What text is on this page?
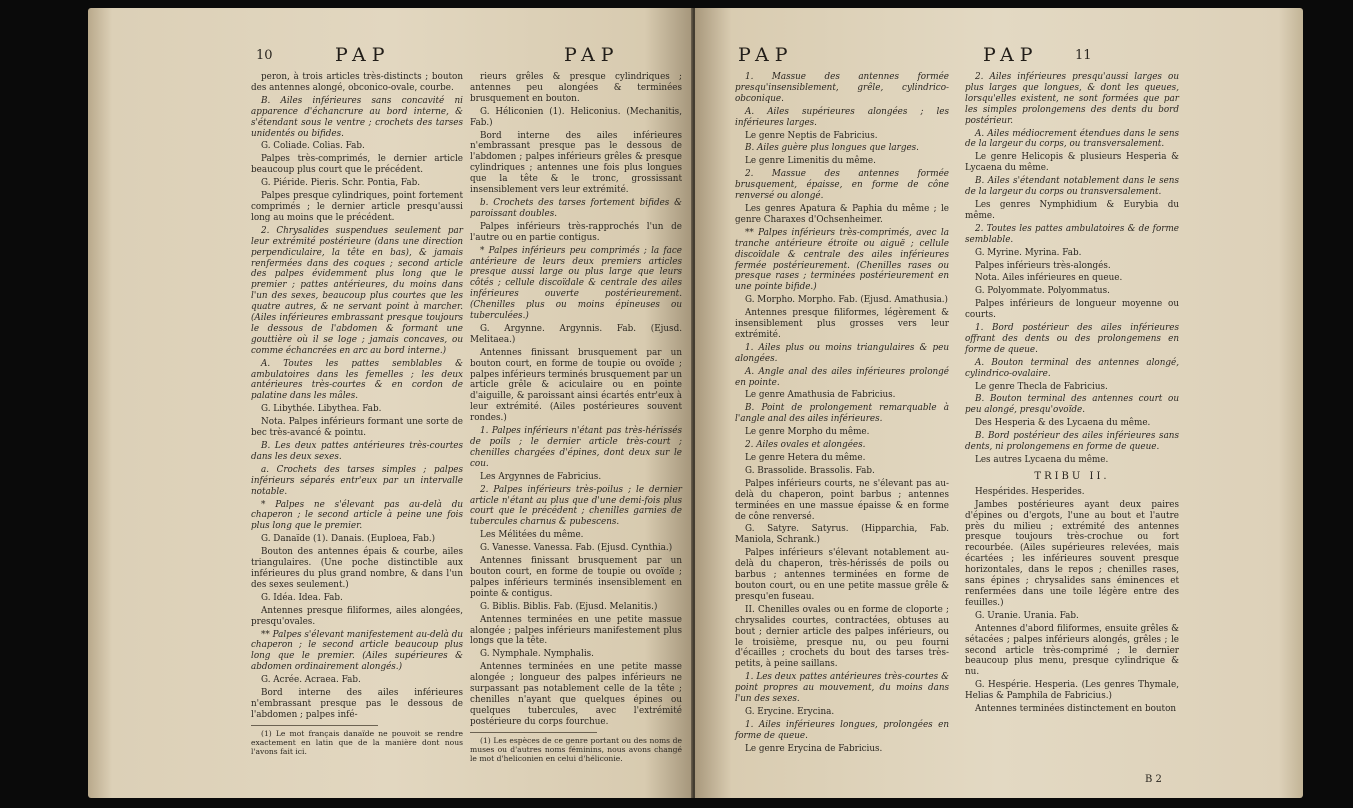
10	PAP	PAP

peron, à trois articles très-distincts ; bouton des antennes alongé, obconico-ovale, courbe.

B. Ailes inférieures sans concavité ni apparence d'échancrure au bord interne, & s'étendant sous le ventre ; crochets des tarses unidentés ou bifides.

G. Coliade. Colias. Fab.

Palpes très-comprimés, le dernier article beaucoup plus court que le précédent.

G. Piéride. Pieris. Schr. Pontia, Fab.

Palpes presque cylindriques, point fortement comprimés ; le dernier article presqu'aussi long au moins que le précédent.

2. Chrysalides suspendues seulement par leur extrémité postérieure (dans une direction perpendiculaire, la tête en bas), & jamais renfermées dans des coques ; second article des palpes évidemment plus long que le premier ; pattes antérieures, du moins dans l'un des sexes, beaucoup plus courtes que les quatre autres, & ne servant point à marcher. (Ailes inférieures embrassant presque toujours le dessous de l'abdomen & formant une gouttière où il se loge ; jamais concaves, ou comme échancrées en arc au bord interne.)

A. Toutes les pattes semblables & ambulatoires dans les femelles ; les deux antérieures très-courtes & en cordon de palatine dans les mâles.

G. Libythée. Libythea. Fab.

Nota. Palpes inférieurs formant une sorte de bec très-avancé & pointu.

B. Les deux pattes antérieures très-courtes dans les deux sexes.

a. Crochets des tarses simples ; palpes inférieurs séparés entr'eux par un intervalle notable.

* Palpes ne s'élevant pas au-delà du chaperon ; le second article à peine une fois plus long que le premier.

G. Danaïde (1). Danais. (Euploea, Fab.)

Bouton des antennes épais & courbe, ailes triangulaires. (Une poche distinctible aux inférieures du plus grand nombre, & dans l'un des sexes seulement.)

G. Idéa. Idea. Fab.

Antennes presque filiformes, ailes alongées, presqu'ovales.

** Palpes s'élevant manifestement au-delà du chaperon ; le second article beaucoup plus long que le premier. (Ailes supérieures & abdomen ordinairement alongés.)

G. Acrée. Acraea. Fab.

Bord interne des ailes inférieures n'embrassant presque pas le dessous de l'abdomen ; palpes infé-

(1) Le mot français danaïde ne pouvoit se rendre exactement en latin que de la manière dont nous l'avons fait ici.

rieurs grêles & presque cylindriques ; antennes peu alongées & terminées brusquement en bouton.

G. Héliconien (1). Heliconius. (Mechanitis, Fab.)

Bord interne des ailes inférieures n'embrassant presque pas le dessous de l'abdomen ; palpes inférieurs grêles & presque cylindriques ; antennes une fois plus longues que la tête & le tronc, grossissant insensiblement vers leur extrémité.

b. Crochets des tarses fortement bifides & paroissant doubles.

Palpes inférieurs très-rapprochés l'un de l'autre ou en partie contigus.

* Palpes inférieurs peu comprimés ; la face antérieure de leurs deux premiers articles presque aussi large ou plus large que leurs côtés ; cellule discoïdale & centrale des ailes inférieures ouverte postérieurement. (Chenilles plus ou moins épineuses ou tuberculées.)

G. Argynne. Argynnis. Fab. (Ejusd. Melitaea.)

Antennes finissant brusquement par un bouton court, en forme de toupie ou ovoïde ; palpes inférieurs terminés brusquement par un article grêle & aciculaire ou en pointe d'aiguille, & paroissant ainsi écartés entr'eux à leur extrémité. (Ailes postérieures souvent rondes.)

1. Palpes inférieurs n'étant pas très-hérissés de poils ; le dernier article très-court ; chenilles chargées d'épines, dont deux sur le cou.

Les Argynnes de Fabricius.

2. Palpes inférieurs très-poilus ; le dernier article n'étant au plus que d'une demi-fois plus court que le précédent ; chenilles garnies de tubercules charnus & pubescens.

Les Mélitées du même.

G. Vanesse. Vanessa. Fab. (Ejusd. Cynthia.)

Antennes finissant brusquement par un bouton court, en forme de toupie ou ovoïde ; palpes inférieurs terminés insensiblement en pointe & contigus.

G. Biblis. Biblis. Fab. (Ejusd. Melanitis.)

Antennes terminées en une petite massue alongée ; palpes inférieurs manifestement plus longs que la tête.

G. Nymphale. Nymphalis.

Antennes terminées en une petite masse alongée ; longueur des palpes inférieurs ne surpassant pas notablement celle de la tête ; chenilles n'ayant que quelques épines ou quelques tubercules, avec l'extrémité postérieure du corps fourchue.

(1) Les espèces de ce genre portant ou des noms de muses ou d'autres noms féminins, nous avons changé le mot d'heliconien en celui d'héliconie.

PAP	PAP	11

1. Massue des antennes formée presqu'insensiblement, grêle, cylindrico-obconique.

A. Ailes supérieures alongées ; les inférieures larges.

Le genre Neptis de Fabricius.

B. Ailes guère plus longues que larges.

Le genre Limenitis du même.

2. Massue des antennes formée brusquement, épaisse, en forme de cône renversé ou alongé.

Les genres Apatura & Paphia du même ; le genre Charaxes d'Ochsenheimer.

** Palpes inférieurs très-comprimés, avec la tranche antérieure étroite ou aiguë ; cellule discoïdale & centrale des ailes inférieures fermée postérieurement. (Chenilles rases ou presque rases ; terminées postérieurement en une pointe bifide.)

G. Morpho. Morpho. Fab. (Ejusd. Amathusia.)

Antennes presque filiformes, légèrement & insensiblement plus grosses vers leur extrémité.

1. Ailes plus ou moins triangulaires & peu alongées.

A. Angle anal des ailes inférieures prolongé en pointe.

Le genre Amathusia de Fabricius.

B. Point de prolongement remarquable à l'angle anal des ailes inférieures.

Le genre Morpho du même.

2. Ailes ovales et alongées.

Le genre Hetera du même.

G. Brassolide. Brassolis. Fab.

Palpes inférieurs courts, ne s'élevant pas au-delà du chaperon, point barbus ; antennes terminées en une massue épaisse & en forme de cône renversé.

G. Satyre. Satyrus. (Hipparchia, Fab. Maniola, Schrank.)

Palpes inférieurs s'élevant notablement au-delà du chaperon, très-hérissés de poils ou barbus ; antennes terminées en forme de bouton court, ou en une petite massue grêle & presqu'en fuseau.

II. Chenilles ovales ou en forme de cloporte ; chrysalides courtes, contractées, obtuses au bout ; dernier article des palpes inférieurs, ou le troisième, presque nu, ou peu fourni d'écailles ; crochets du bout des tarses très-petits, à peine saillans.

1. Les deux pattes antérieures très-courtes & point propres au mouvement, du moins dans l'un des sexes.

G. Erycine. Erycina.

1. Ailes inférieures longues, prolongées en forme de queue.

Le genre Erycina de Fabricius.

2. Ailes inférieures presqu'aussi larges ou plus larges que longues, & dont les queues, lorsqu'elles existent, ne sont formées que par les simples prolongemens des dents du bord postérieur.

A. Ailes médiocrement étendues dans le sens de la largeur du corps, ou transversalement.

Le genre Helicopis & plusieurs Hesperia & Lycaena du même.

B. Ailes s'étendant notablement dans le sens de la largeur du corps ou transversalement.

Les genres Nymphidium & Eurybia du même.

2. Toutes les pattes ambulatoires & de forme semblable.

G. Myrine. Myrina. Fab.

Palpes inférieurs très-alongés.

Nota. Ailes inférieures en queue.

G. Polyommate. Polyommatus.

Palpes inférieurs de longueur moyenne ou courts.

1. Bord postérieur des ailes inférieures offrant des dents ou des prolongemens en forme de queue.

A. Bouton terminal des antennes alongé, cylindrico-ovalaire.

Le genre Thecla de Fabricius.

B. Bouton terminal des antennes court ou peu alongé, presqu'ovoïde.

Des Hesperia & des Lycaena du même.

B. Bord postérieur des ailes inférieures sans dents, ni prolongemens en forme de queue.

Les autres Lycaena du même.

TRIBU II.

Hespérides. Hesperides.

Jambes postérieures ayant deux paires d'épines ou d'ergots, l'une au bout et l'autre près du milieu ; extrémité des antennes presque toujours très-crochue ou fort recourbée. (Ailes supérieures relevées, mais écartées ; les inférieures souvent presque horizontales, dans le repos ; chenilles rases, sans épines ; chrysalides sans éminences et renfermées dans une toile légère entre des feuilles.)

G. Uranie. Urania. Fab.

Antennes d'abord filiformes, ensuite grêles & sétacées ; palpes inférieurs alongés, grêles ; le second article très-comprimé ; le dernier beaucoup plus menu, presque cylindrique & nu.

G. Hespérie. Hesperia. (Les genres Thymale, Helias & Pamphila de Fabricius.)

Antennes terminées distinctement en bouton

B 2
